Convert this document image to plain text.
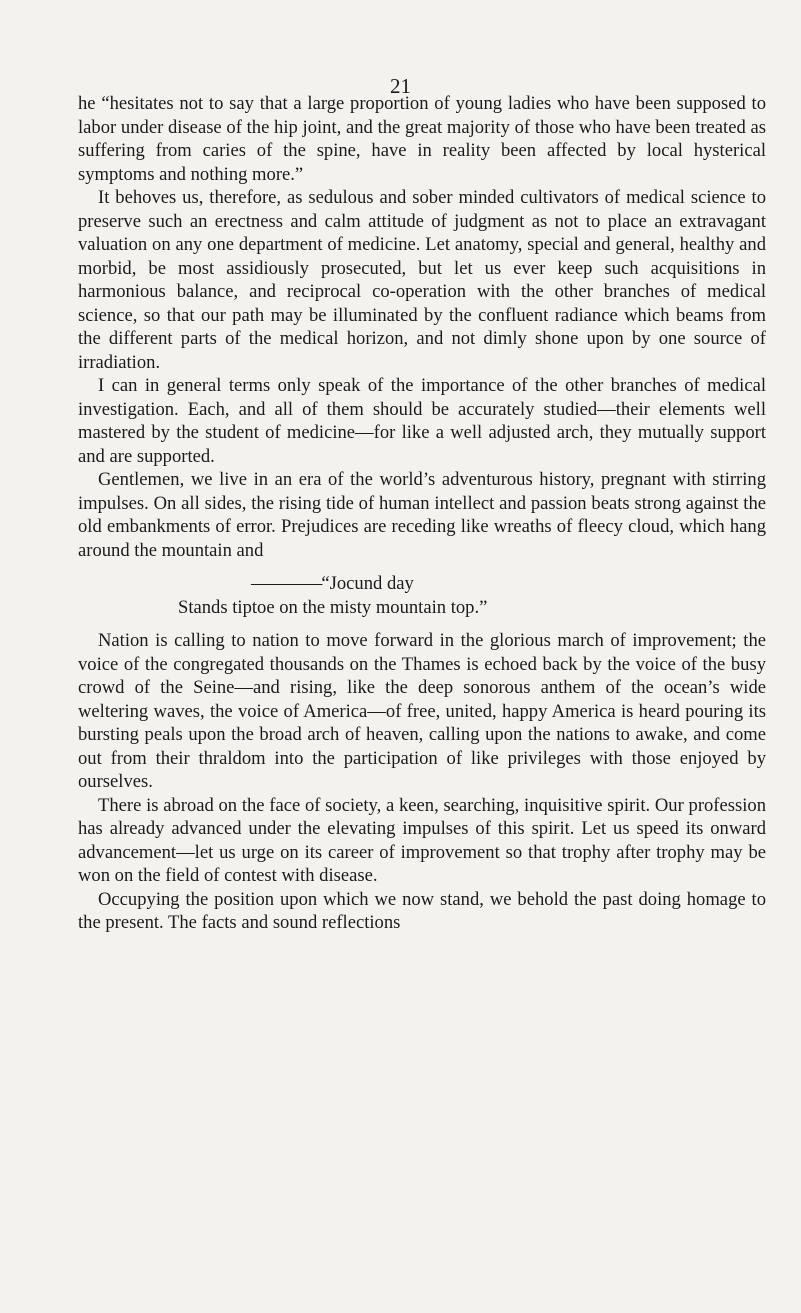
21

he “hesitates not to say that a large proportion of young ladies who have been supposed to labor under disease of the hip joint, and the great majority of those who have been treated as suffering from caries of the spine, have in reality been affected by local hysterical symptoms and nothing more.”

It behoves us, therefore, as sedulous and sober minded cultivators of medical science to preserve such an erectness and calm attitude of judgment as not to place an extravagant valuation on any one department of medicine. Let anatomy, special and general, healthy and morbid, be most assidiously prosecuted, but let us ever keep such acquisitions in harmonious balance, and reciprocal co-operation with the other branches of medical science, so that our path may be illuminated by the confluent radiance which beams from the different parts of the medical horizon, and not dimly shone upon by one source of irradiation.

I can in general terms only speak of the importance of the other branches of medical investigation. Each, and all of them should be accurately studied—their elements well mastered by the student of medicine—for like a well adjusted arch, they mutually support and are supported.

Gentlemen, we live in an era of the world’s adventurous history, pregnant with stirring impulses. On all sides, the rising tide of human intellect and passion beats strong against the old embankments of error. Prejudices are receding like wreaths of fleecy cloud, which hang around the mountain and

————“Jocund day

Stands tiptoe on the misty mountain top.”

Nation is calling to nation to move forward in the glorious march of improvement; the voice of the congregated thousands on the Thames is echoed back by the voice of the busy crowd of the Seine—and rising, like the deep sonorous anthem of the ocean’s wide weltering waves, the voice of America—of free, united, happy America is heard pouring its bursting peals upon the broad arch of heaven, calling upon the nations to awake, and come out from their thraldom into the participation of like privileges with those enjoyed by ourselves.

There is abroad on the face of society, a keen, searching, inquisitive spirit. Our profession has already advanced under the elevating impulses of this spirit. Let us speed its onward advancement—let us urge on its career of improvement so that trophy after trophy may be won on the field of contest with disease.

Occupying the position upon which we now stand, we behold the past doing homage to the present. The facts and sound reflections
